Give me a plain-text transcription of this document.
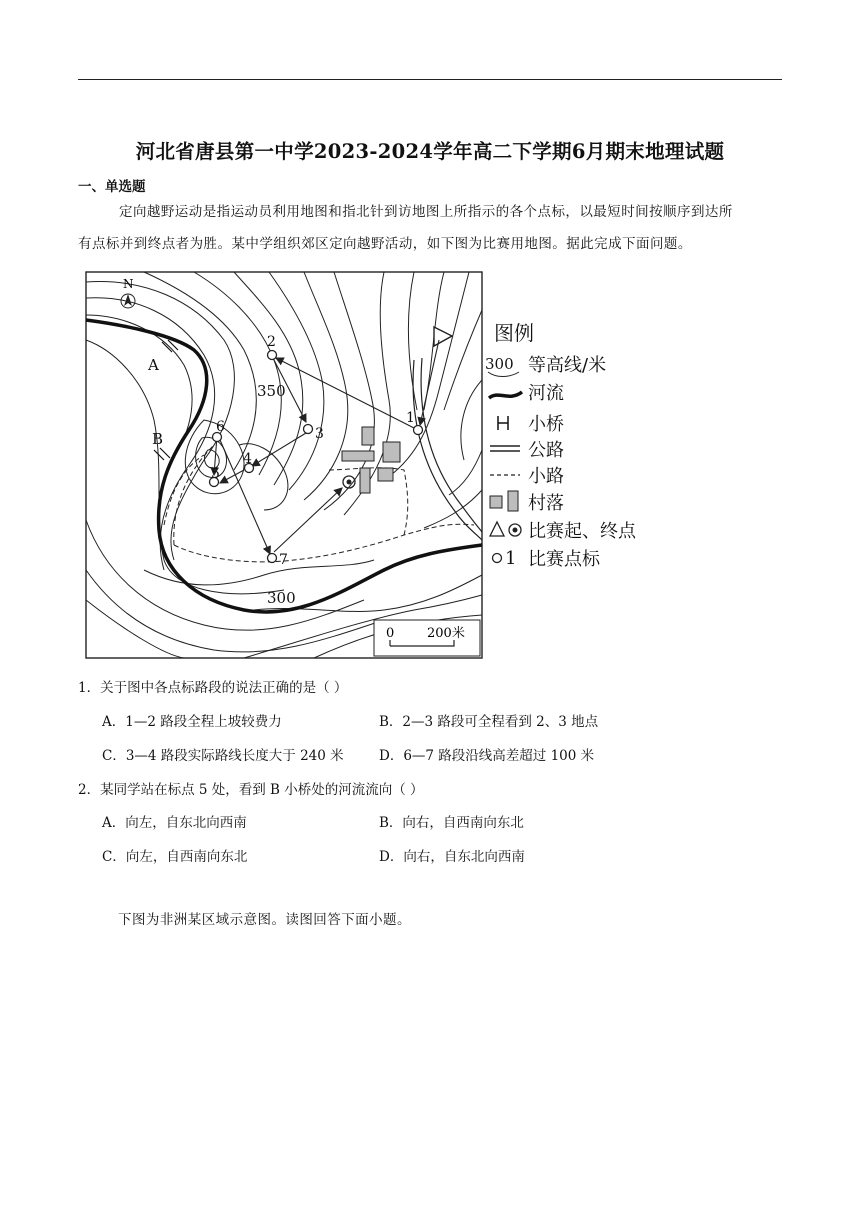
河北省唐县第一中学2023-2024学年高二下学期6月期末地理试题
一、单选题
定向越野运动是指运动员利用地图和指北针到访地图上所指示的各个点标，以最短时间按顺序到达所
有点标并到终点者为胜。某中学组织郊区定向越野活动，如下图为比赛用地图。据此完成下面问题。
N
1
2
3
4
5
6
7
A
B
350
300
0	200米
图例
300 等高线/米
河流
小桥
公路
小路
村落
比赛起、终点
1 比赛点标
1．关于图中各点标路段的说法正确的是（ ）
A．1—2 路段全程上坡较费力	B．2—3 路段可全程看到 2、3 地点
C．3—4 路段实际路线长度大于 240 米	D．6—7 路段沿线高差超过 100 米
2．某同学站在标点 5 处，看到 B 小桥处的河流流向（ ）
A．向左，自东北向西南	B．向右，自西南向东北
C．向左，自西南向东北	D．向右，自东北向西南
下图为非洲某区域示意图。读图回答下面小题。
